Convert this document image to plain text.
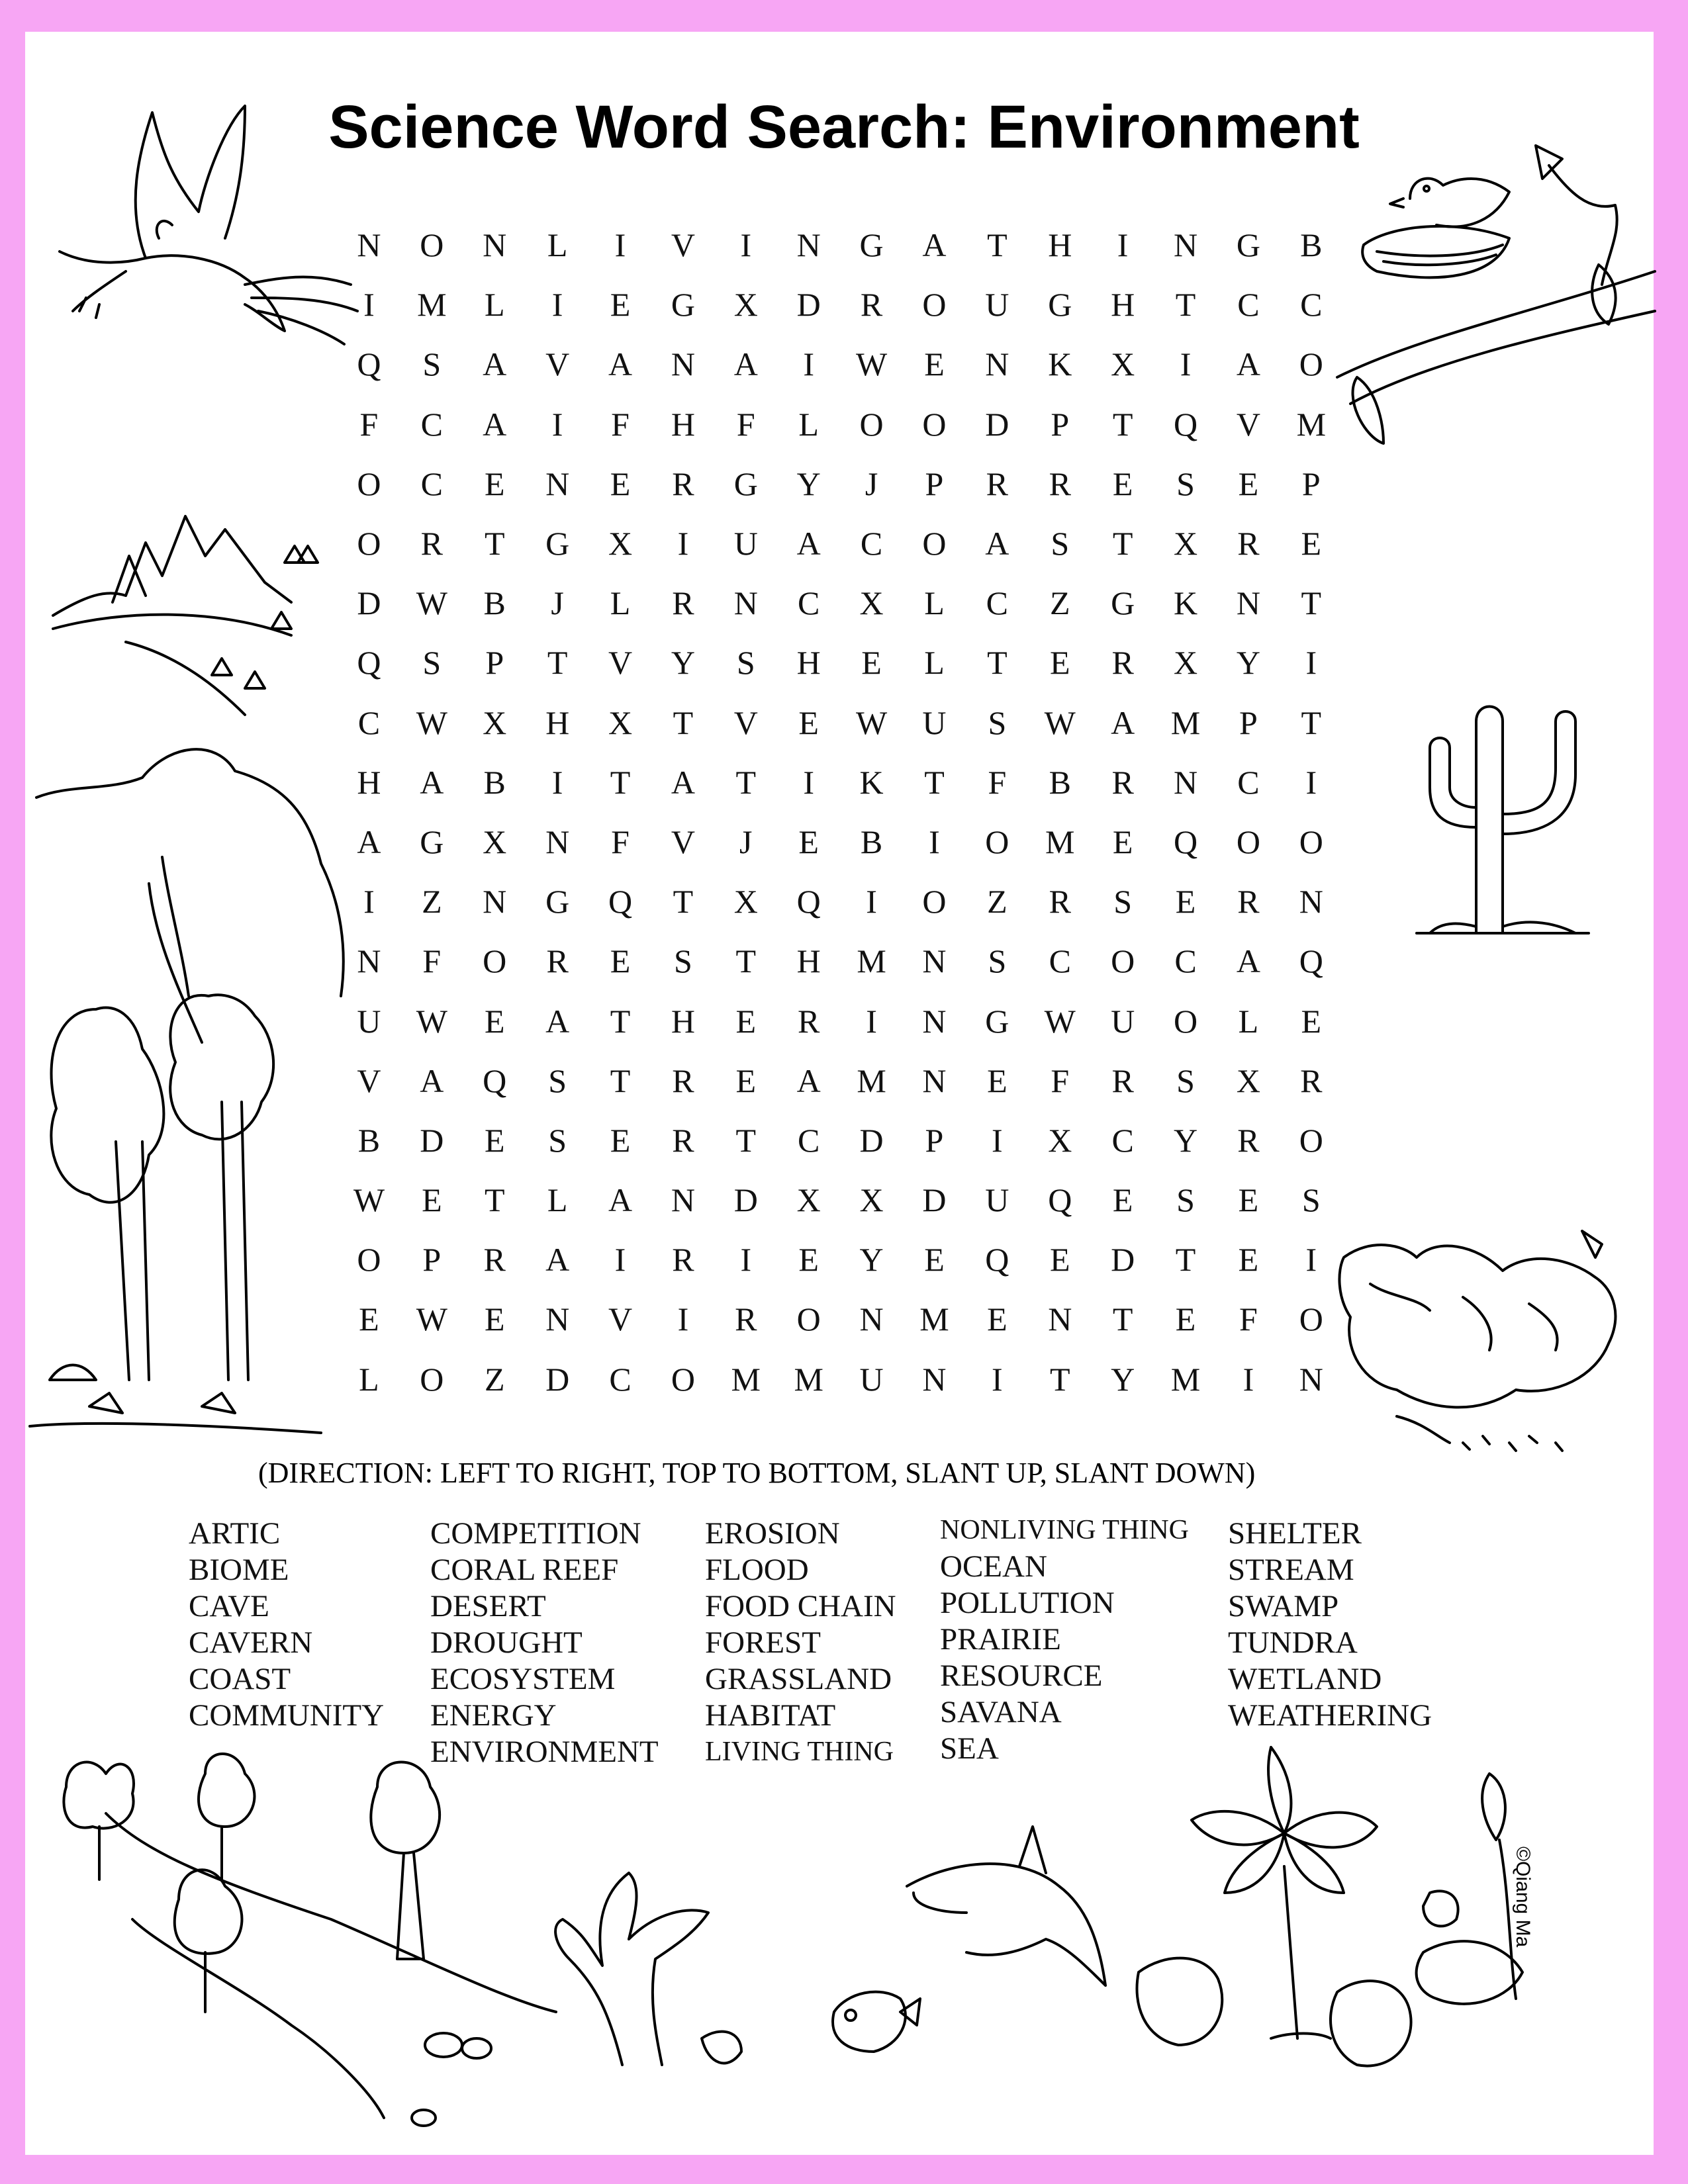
Science Word Search: Environment
N	O	N	L	I	V	I	N	G	A	T	H	I	N	G	B
I	M	L	I	E	G	X	D	R	O	U	G	H	T	C	C
Q	S	A	V	A	N	A	I	W	E	N	K	X	I	A	O
F	C	A	I	F	H	F	L	O	O	D	P	T	Q	V	M
O	C	E	N	E	R	G	Y	J	P	R	R	E	S	E	P
O	R	T	G	X	I	U	A	C	O	A	S	T	X	R	E
D	W	B	J	L	R	N	C	X	L	C	Z	G	K	N	T
Q	S	P	T	V	Y	S	H	E	L	T	E	R	X	Y	I
C	W	X	H	X	T	V	E	W	U	S	W	A	M	P	T
H	A	B	I	T	A	T	I	K	T	F	B	R	N	C	I
A	G	X	N	F	V	J	E	B	I	O	M	E	Q	O	O
I	Z	N	G	Q	T	X	Q	I	O	Z	R	S	E	R	N
N	F	O	R	E	S	T	H	M	N	S	C	O	C	A	Q
U	W	E	A	T	H	E	R	I	N	G	W	U	O	L	E
V	A	Q	S	T	R	E	A	M	N	E	F	R	S	X	R
B	D	E	S	E	R	T	C	D	P	I	X	C	Y	R	O
W	E	T	L	A	N	D	X	X	D	U	Q	E	S	E	S
O	P	R	A	I	R	I	E	Y	E	Q	E	D	T	E	I
E	W	E	N	V	I	R	O	N	M	E	N	T	E	F	O
L	O	Z	D	C	O	M	M	U	N	I	T	Y	M	I	N
(DIRECTION: LEFT TO RIGHT, TOP TO BOTTOM, SLANT UP, SLANT DOWN)
ARTIC
BIOME
CAVE
CAVERN
COAST
COMMUNITY
COMPETITION
CORAL REEF
DESERT
DROUGHT
ECOSYSTEM
ENERGY
ENVIRONMENT
EROSION
FLOOD
FOOD CHAIN
FOREST
GRASSLAND
HABITAT
LIVING THING
NONLIVING THING
OCEAN
POLLUTION
PRAIRIE
RESOURCE
SAVANA
SEA
SHELTER
STREAM
SWAMP
TUNDRA
WETLAND
WEATHERING
©Qiang Ma
